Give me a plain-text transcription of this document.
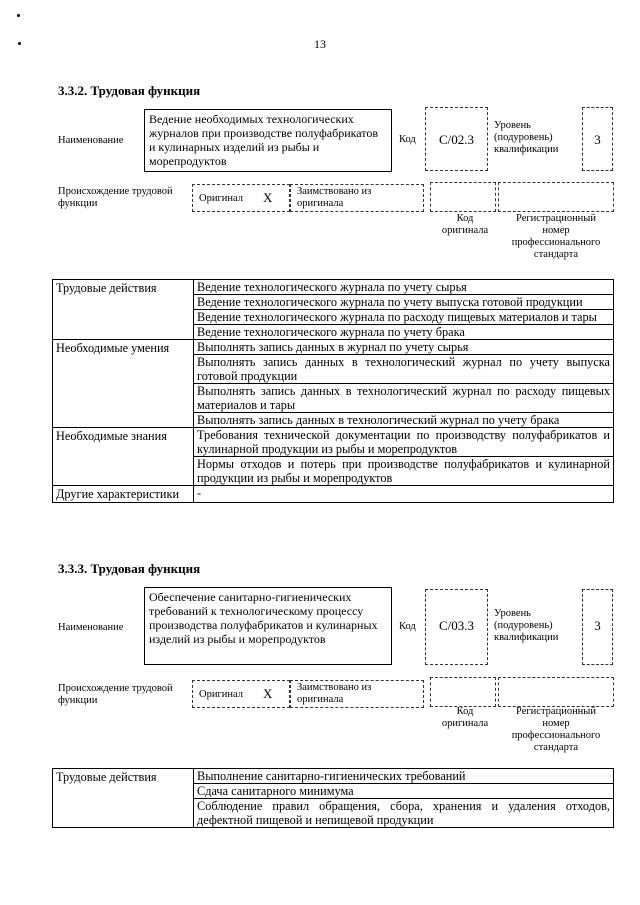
13
3.3.2. Трудовая функция
Наименование
Ведение необходимых технологических журналов при производстве полуфабрикатов и кулинарных изделий из рыбы и морепродуктов
Код	C/02.3
Уровень (подуровень) квалификации
3
Происхождение трудовой функции	Оригинал X Заимствовано из оригинала
Код оригинала
Регистрационный номер профессионального стандарта
Трудовые действия	Ведение технологического журнала по учету сырья
Ведение технологического журнала по учету выпуска готовой продукции
Ведение технологического журнала по расходу пищевых материалов и тары
Ведение технологического журнала по учету брака

Необходимые умения	Выполнять запись данных в журнал по учету сырья
Выполнять запись данных в технологический журнал по учету выпуска готовой продукции
Выполнять запись данных в технологический журнал по расходу пищевых материалов и тары
Выполнять запись данных в технологический журнал по учету брака

Необходимые знания	Требования технической документации по производству полуфабрикатов и кулинарной продукции из рыбы и морепродуктов
Нормы отходов и потерь при производстве полуфабрикатов и кулинарной продукции из рыбы и морепродуктов

Другие характеристики	-
3.3.3. Трудовая функция
Наименование
Обеспечение санитарно-гигиенических требований к технологическому процессу производства полуфабрикатов и кулинарных изделий из рыбы и морепродуктов
Код	C/03.3
Уровень (подуровень) квалификации
3
Происхождение трудовой функции
Оригинал X Заимствовано из оригинала
Код оригинала
Регистрационный номер профессионального стандарта
Трудовые действия	Выполнение санитарно-гигиенических требований
Сдача санитарного минимума
Соблюдение правил обращения, сбора, хранения и удаления отходов, дефектной пищевой и непищевой продукции
